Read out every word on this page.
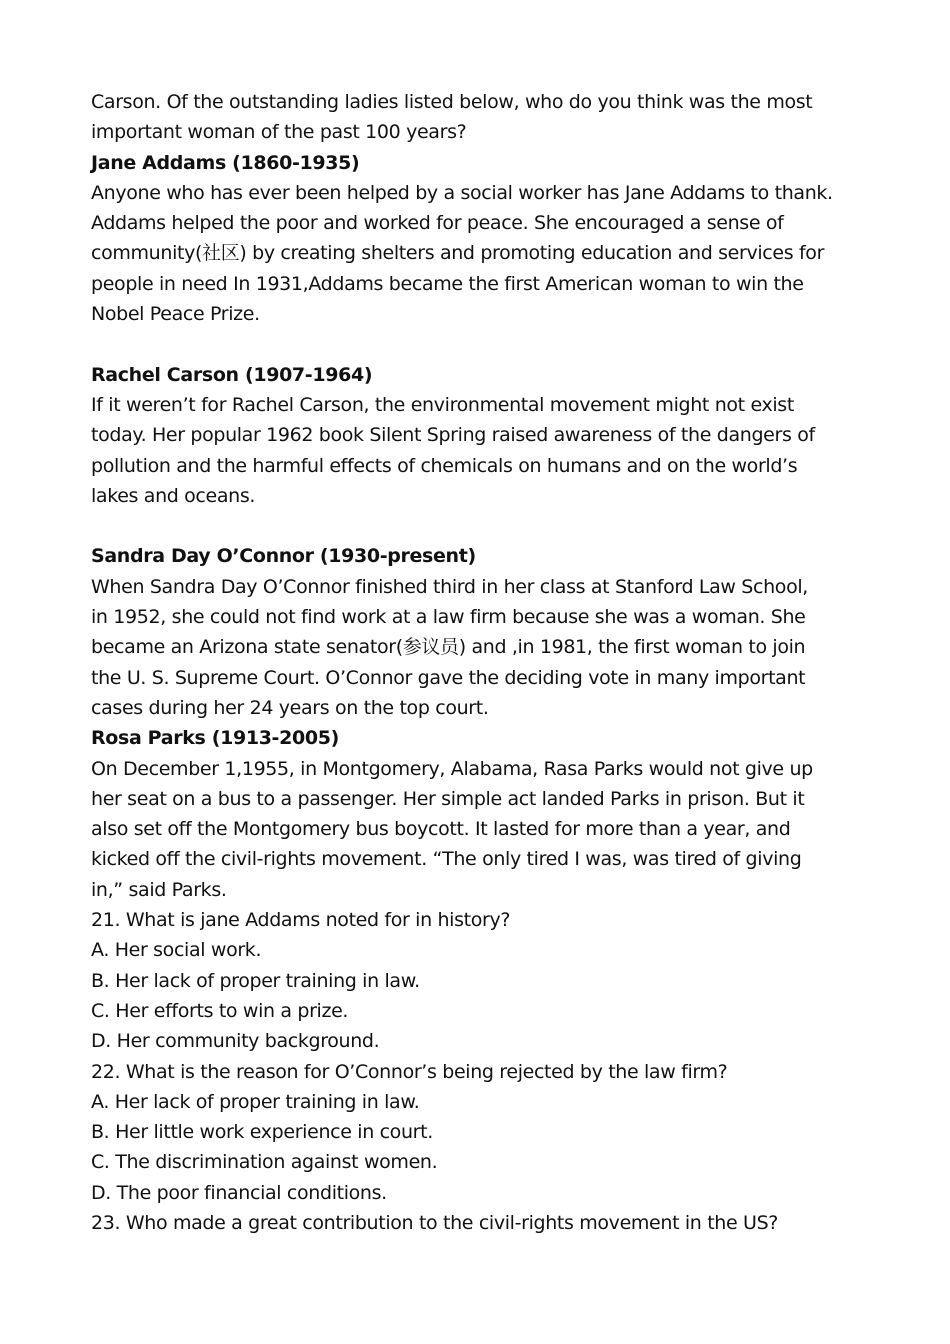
Carson. Of the outstanding ladies listed below, who do you think was the most
important woman of the past 100 years?
Jane Addams (1860-1935)
Anyone who has ever been helped by a social worker has Jane Addams to thank.
Addams helped the poor and worked for peace. She encouraged a sense of
community(社区) by creating shelters and promoting education and services for
people in need In 1931,Addams became the first American woman to win the
Nobel Peace Prize.
Rachel Carson (1907-1964)
If it weren’t for Rachel Carson, the environmental movement might not exist
today. Her popular 1962 book Silent Spring raised awareness of the dangers of
pollution and the harmful effects of chemicals on humans and on the world’s
lakes and oceans.
Sandra Day O’Connor (1930-present)
When Sandra Day O’Connor finished third in her class at Stanford Law School,
in 1952, she could not find work at a law firm because she was a woman. She
became an Arizona state senator(参议员) and ,in 1981, the first woman to join
the U. S. Supreme Court. O’Connor gave the deciding vote in many important
cases during her 24 years on the top court.
Rosa Parks (1913-2005)
On December 1,1955, in Montgomery, Alabama, Rasa Parks would not give up
her seat on a bus to a passenger. Her simple act landed Parks in prison. But it
also set off the Montgomery bus boycott. It lasted for more than a year, and
kicked off the civil-rights movement. “The only tired I was, was tired of giving
in,” said Parks.
21. What is jane Addams noted for in history?
A. Her social work.
B. Her lack of proper training in law.
C. Her efforts to win a prize.
D. Her community background.
22. What is the reason for O’Connor’s being rejected by the law firm?
A. Her lack of proper training in law.
B. Her little work experience in court.
C. The discrimination against women.
D. The poor financial conditions.
23. Who made a great contribution to the civil-rights movement in the US?
